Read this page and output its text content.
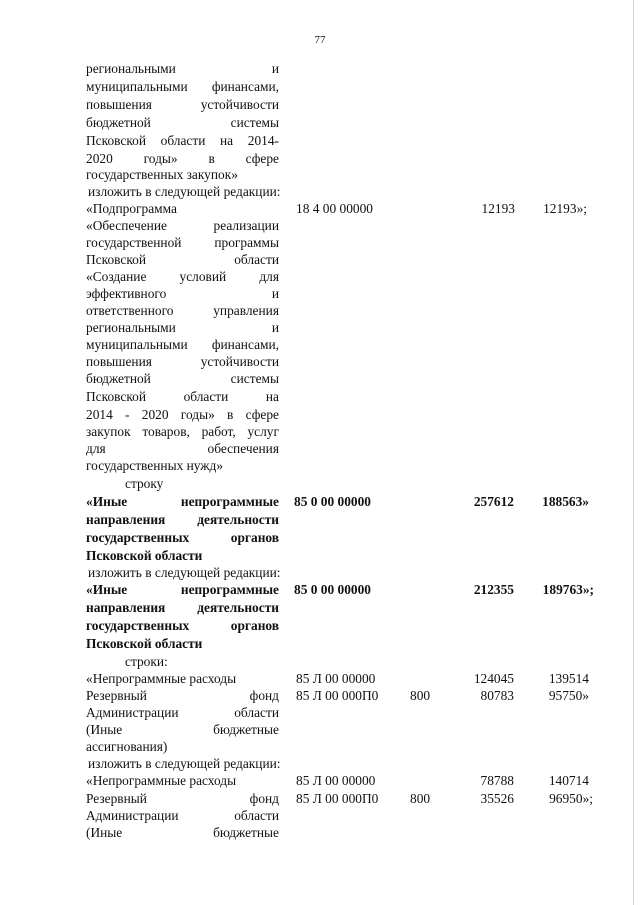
77
региональными и
муниципальными финансами,
повышения устойчивости
бюджетной системы
Псковской области на 2014-
2020 годы» в сфере
государственных закупок»
изложить в следующей редакции:
«Подпрограмма	18 4 00 00000	12193 12193»;
«Обеспечение реализации
государственной программы
Псковской области
«Создание условий для
эффективного и
ответственного управления
региональными и
муниципальными финансами,
повышения устойчивости
бюджетной системы
Псковской области на
2014 - 2020 годы» в сфере
закупок товаров, работ, услуг
для обеспечения
государственных нужд»
строку
«Иные непрограммные 85 0 00 00000	257612 188563»
направления деятельности
государственных органов
Псковской области
изложить в следующей редакции:
«Иные непрограммные 85 0 00 00000	212355 189763»;
направления деятельности
государственных органов
Псковской области
строки:
«Непрограммные расходы	85 Л 00 00000	124045	139514
Резервный фонд 85 Л 00 000П0 800	80783	95750»
Администрации области
(Иные бюджетные
ассигнования)
изложить в следующей редакции:
«Непрограммные расходы	85 Л 00 00000	78788	140714
Резервный фонд 85 Л 00 000П0 800	35526	96950»;
Администрации области
(Иные бюджетные
